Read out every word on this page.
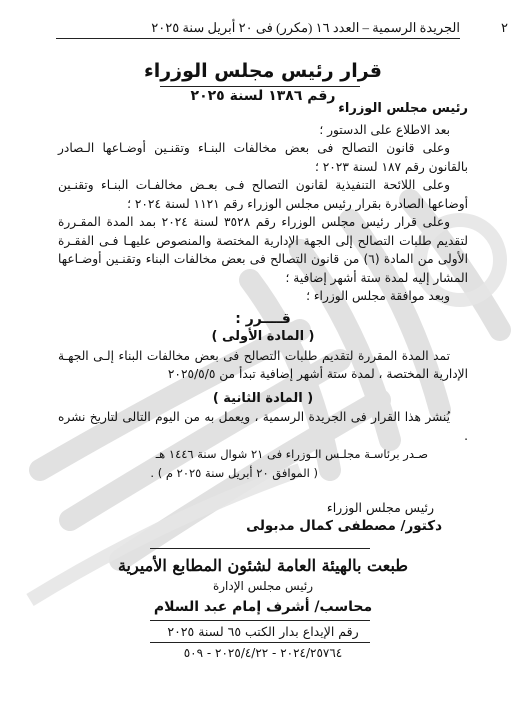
الجريدة الرسمية – العدد ١٦ (مكرر) فى ٢٠ أبريل سنة ٢٠٢٥	٢
قرار رئيس مجلس الوزراء
رقم ١٣٨٦ لسنة ٢٠٢٥

رئيس مجلس الوزراء

بعد الاطلاع على الدستور ؛

وعلى قانون التصالح فى بعض مخالفات البنـاء وتقنـين أوضـاعها الـصادر بالقانون رقم ١٨٧ لسنة ٢٠٢٣ ؛

وعلى اللائحة التنفيذية لقانون التصالح فـى بعـض مخالفـات البنـاء وتقنـين أوضاعها الصادرة بقرار رئيس مجلس الوزراء رقم ١١٢١ لسنة ٢٠٢٤ ؛

وعلى قرار رئيس مجلس الوزراء رقم ٣٥٢٨ لسنة ٢٠٢٤ بمد المدة المقـررة لتقديم طلبات التصالح إلى الجهة الإدارية المختصة والمنصوص عليهـا فـى الفقـرة الأولى من المادة (٦) من قانون التصالح فى بعض مخالفات البناء وتقنـين أوضـاعها المشار إليه لمدة ستة أشهر إضافية ؛

وبعد موافقة مجلس الوزراء ؛

قــــرر :

( المادة الأولى )

تمد المدة المقررة لتقديم طلبات التصالح فى بعض مخالفات البناء إلـى الجهـة الإدارية المختصة ، لمدة ستة أشهر إضافية تبدأ من ٢٠٢٥/٥/٥

( المادة الثانية )

يُنشر هذا القرار فى الجريدة الرسمية ، ويعمل به من اليوم التالى لتاريخ نشره .

صـدر برئاسـة مجلـس الـوزراء فى ٢١ شوال سنة ١٤٤٦ هـ

( الموافق ٢٠ أبريل سنة ٢٠٢٥ م ) .

رئيس مجلس الوزراء
دكتور/ مصطفى كمال مدبولى
طبعت بالهيئة العامة لشئون المطابع الأميرية
رئيس مجلس الإدارة
محاسب/ أشرف إمام عبد السلام
رقم الإيداع بدار الكتب ٦٥ لسنة ٢٠٢٥
٢٠٢٤/٢٥٧٦٤ - ٢٠٢٥/٤/٢٢ - ٥٠٩
